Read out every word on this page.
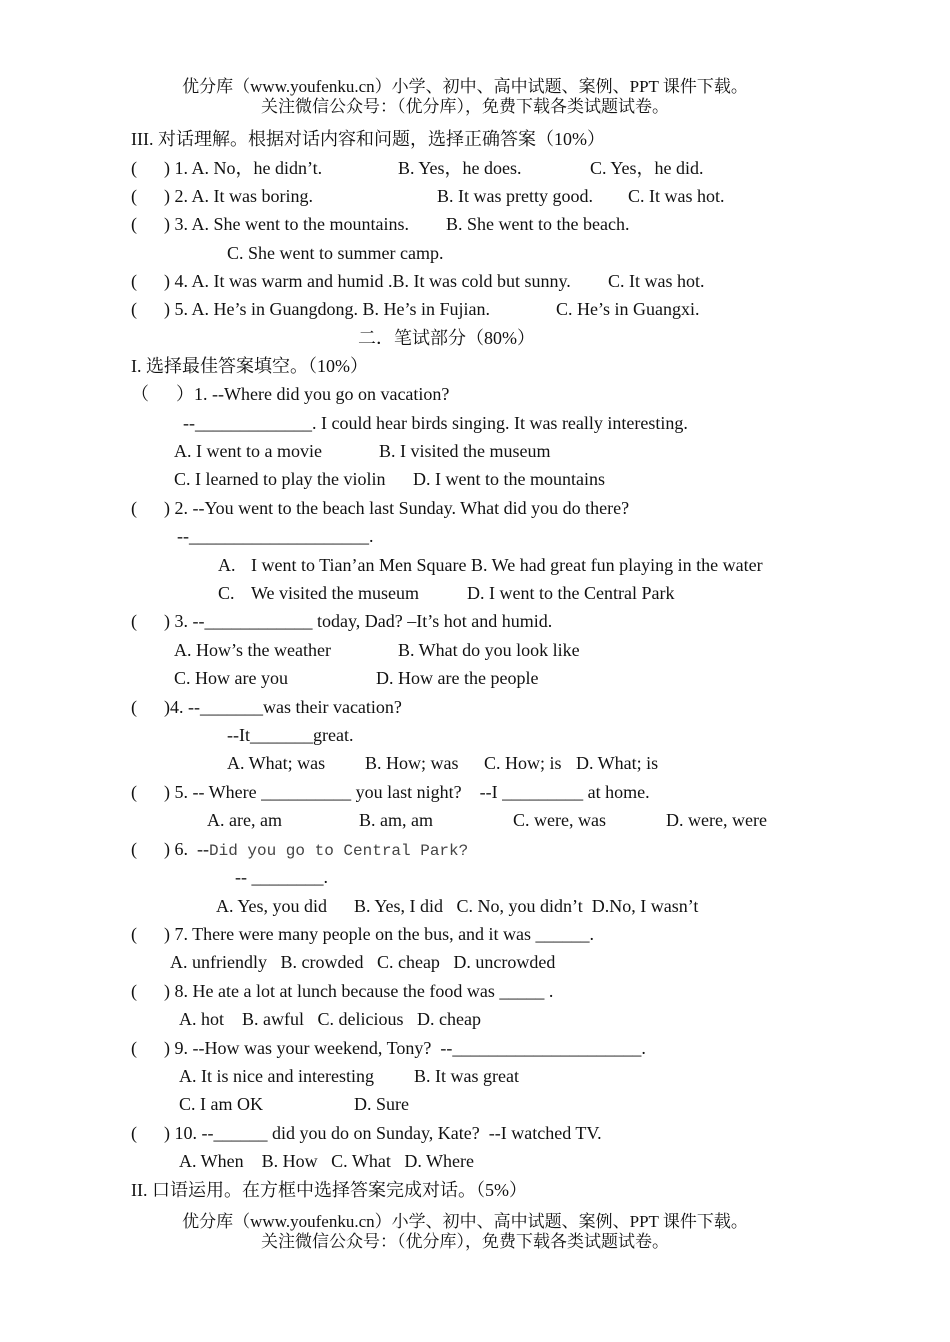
优分库（www.youfenku.cn）小学、初中、高中试题、案例、PPT 课件下载。
关注微信公众号：（优分库），免费下载各类试题试卷。
III. 对话理解。根据对话内容和问题，选择正确答案（10%）
(      ) 1. A. No，he didn’t.	B. Yes，he does.	C. Yes，he did.
(      ) 2. A. It was boring.	B. It was pretty good. C. It was hot.
(      ) 3. A. She went to the mountains. B. She went to the beach.
C. She went to summer camp.
(      ) 4. A. It was warm and humid .B. It was cold but sunny. C. It was hot.
(      ) 5. A. He’s in Guangdong. B. He’s in Fujian.	C. He’s in Guangxi.
二．笔试部分（80%）
I. 选择最佳答案填空。（10%）
（      ）1. --Where did you go on vacation?
--_____________. I could hear birds singing. It was really interesting.
A. I went to a movie	B. I visited the museum
C. I learned to play the violin D. I went to the mountains
(      ) 2. --You went to the beach last Sunday. What did you do there?
--____________________.
A. I went to Tian’an Men Square B. We had great fun playing in the water
C. We visited the museum	D. I went to the Central Park
(      ) 3. --____________ today, Dad? –It’s hot and humid.
A. How’s the weather	B. What do you look like
C. How are you	D. How are the people
(      )4. --_______was their vacation?
--It_______great.
A. What; was B. How; was C. How; is D. What; is
(      ) 5. -- Where __________ you last night?    --I _________ at home.
A. are, am	B. am, am	C. were, was	D. were, were
(      ) 6.  --Did you go to Central Park?
-- ________.
A. Yes, you did      B. Yes, I did   C. No, you didn’t  D.No, I wasn’t
(      ) 7. There were many people on the bus, and it was ______.
A. unfriendly   B. crowded   C. cheap   D. uncrowded
(      ) 8. He ate a lot at lunch because the food was _____ .
A. hot    B. awful   C. delicious   D. cheap
(      ) 9. --How was your weekend, Tony?  --_____________________.
A. It is nice and interesting B. It was great
C. I am OK	D. Sure
(      ) 10. --______ did you do on Sunday, Kate?  --I watched TV.
A. When    B. How   C. What   D. Where
II. 口语运用。在方框中选择答案完成对话。（5%）
优分库（www.youfenku.cn）小学、初中、高中试题、案例、PPT 课件下载。
关注微信公众号：（优分库），免费下载各类试题试卷。
